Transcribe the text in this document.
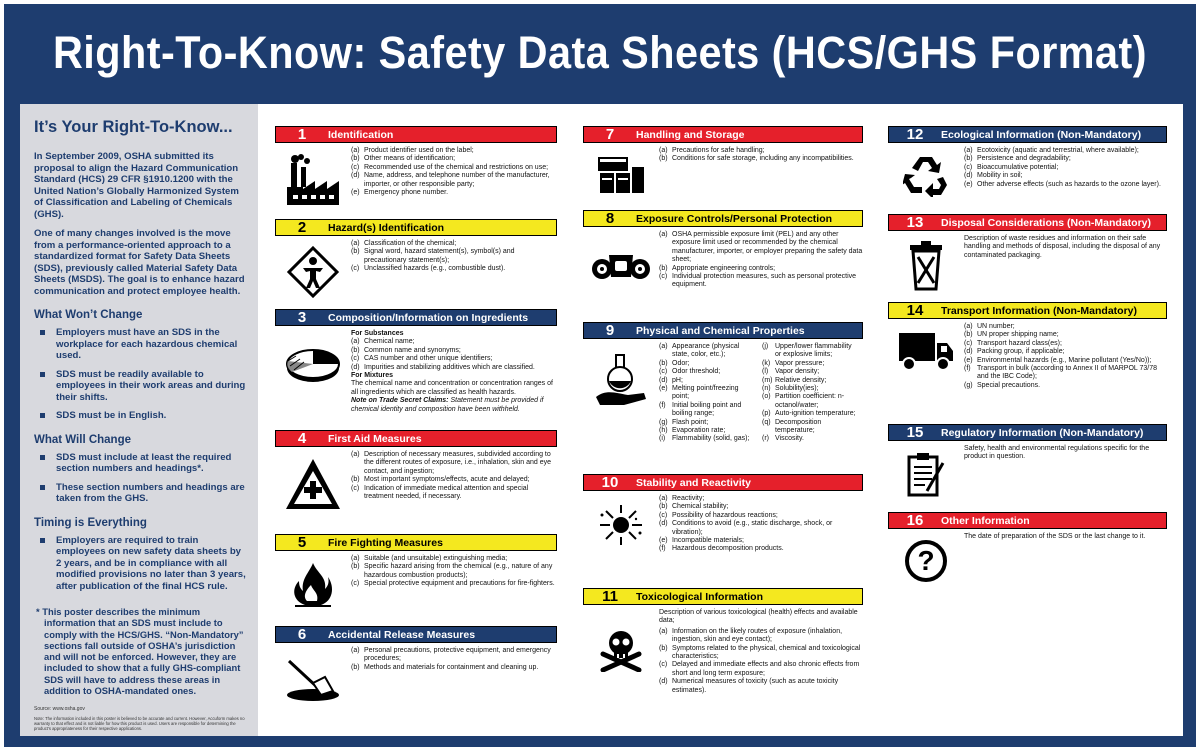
Right-To-Know: Safety Data Sheets (HCS/GHS Format)
It’s Your Right-To-Know...
In September 2009, OSHA submitted its proposal to align the Hazard Communication Standard (HCS) 29 CFR §1910.1200 with the United Nation’s Globally Harmonized System of Classification and Labeling of Chemicals (GHS).
One of many changes involved is the move from a performance-oriented approach to a standardized format for Safety Data Sheets (SDS), previously called Material Safety Data Sheets (MSDS). The goal is to enhance hazard communication and protect employee health.
What Won’t Change
Employers must have an SDS in the workplace for each hazardous chemical used.
SDS must be readily available to employees in their work areas and during their shifts.
SDS must be in English.
What Will Change
SDS must include at least the required section numbers and headings*.
These section numbers and headings are taken from the GHS.
Timing is Everything
Employers are required to train employees on new safety data sheets by 2 years, and be in compliance with all modified provisions no later than 3 years, after publication of the final HCS rule.
* This poster describes the minimum information that an SDS must include to comply with the HCS/GHS. “Non-Mandatory” sections fall outside of OSHA’s jurisdiction and will not be enforced. However, they are included to show that a fully GHS-compliant SDS will have to address these areas in addition to OSHA-mandated ones.
Source: www.osha.gov
Note: The information included in this poster is believed to be accurate and current. However, Accuform makes no warranty to that effect and is not liable for how this product is used. Users are responsible for determining the product’s appropriateness for their respective applications.
1	Identification
(a) Product identifier used on the label;
(b) Other means of identification;
(c) Recommended use of the chemical and restrictions on use;
(d) Name, address, and telephone number of the manufacturer, importer, or other responsible party;
(e) Emergency phone number.
2	Hazard(s) Identification
(a) Classification of the chemical;
(b) Signal word, hazard statement(s), symbol(s) and precautionary statement(s);
(c) Unclassified hazards (e.g., combustible dust).
3	Composition/Information on Ingredients
For Substances
(a) Chemical name;
(b) Common name and synonyms;
(c) CAS number and other unique identifiers;
(d) Impurities and stabilizing additives which are classified.
For Mixtures
The chemical name and concentration or concentration ranges of all ingredients which are classified as health hazards.
Note on Trade Secret Claims: Statement must be provided if chemical identity and composition have been withheld.
4	First Aid Measures
(a) Description of necessary measures, subdivided according to the different routes of exposure, i.e., inhalation, skin and eye contact, and ingestion;
(b) Most important symptoms/effects, acute and delayed;
(c) Indication of immediate medical attention and special treatment needed, if necessary.
5	Fire Fighting Measures
(a) Suitable (and unsuitable) extinguishing media;
(b) Specific hazard arising from the chemical (e.g., nature of any hazardous combustion products);
(c) Special protective equipment and precautions for fire-fighters.
6	Accidental Release Measures
(a) Personal precautions, protective equipment, and emergency procedures;
(b) Methods and materials for containment and cleaning up.
7	Handling and Storage
(a) Precautions for safe handling;
(b) Conditions for safe storage, including any incompatibilities.
8	Exposure Controls/Personal Protection
(a) OSHA permissible exposure limit (PEL) and any other exposure limit used or recommended by the chemical manufacturer, importer, or employer preparing the safety data sheet;
(b) Appropriate engineering controls;
(c) Individual protection measures, such as personal protective equipment.
9	Physical and Chemical Properties
(a) Appearance (physical state, color, etc.);
(b) Odor;
(c) Odor threshold;
(d) pH;
(e) Melting point/freezing point;
(f) Initial boiling point and boiling range;
(g) Flash point;
(h) Evaporation rate;
(i) Flammability (solid, gas);
(j) Upper/lower flammability or explosive limits;
(k) Vapor pressure;
(l) Vapor density;
(m) Relative density;
(n) Solubility(ies);
(o) Partition coefficient: n-octanol/water;
(p) Auto-ignition temperature;
(q) Decomposition temperature;
(r) Viscosity.
10	Stability and Reactivity
(a) Reactivity;
(b) Chemical stability;
(c) Possibility of hazardous reactions;
(d) Conditions to avoid (e.g., static discharge, shock, or vibration);
(e) Incompatible materials;
(f) Hazardous decomposition products.
11	Toxicological Information
Description of various toxicological (health) effects and available data;
(a) Information on the likely routes of exposure (inhalation, ingestion, skin and eye contact);
(b) Symptoms related to the physical, chemical and toxicological characteristics;
(c) Delayed and immediate effects and also chronic effects from short and long term exposure;
(d) Numerical measures of toxicity (such as acute toxicity estimates).
12	Ecological Information (Non-Mandatory)
(a) Ecotoxicity (aquatic and terrestrial, where available);
(b) Persistence and degradability;
(c) Bioaccumulative potential;
(d) Mobility in soil;
(e) Other adverse effects (such as hazards to the ozone layer).
13	Disposal Considerations (Non-Mandatory)
Description of waste residues and information on their safe handling and methods of disposal, including the disposal of any contaminated packaging.
14	Transport Information (Non-Mandatory)
(a) UN number;
(b) UN proper shipping name;
(c) Transport hazard class(es);
(d) Packing group, if applicable;
(e) Environmental hazards (e.g., Marine pollutant (Yes/No));
(f) Transport in bulk (according to Annex II of MARPOL 73/78 and the IBC Code);
(g) Special precautions.
15	Regulatory Information (Non-Mandatory)
Safety, health and environmental regulations specific for the product in question.
16	Other Information
?
The date of preparation of the SDS or the last change to it.
